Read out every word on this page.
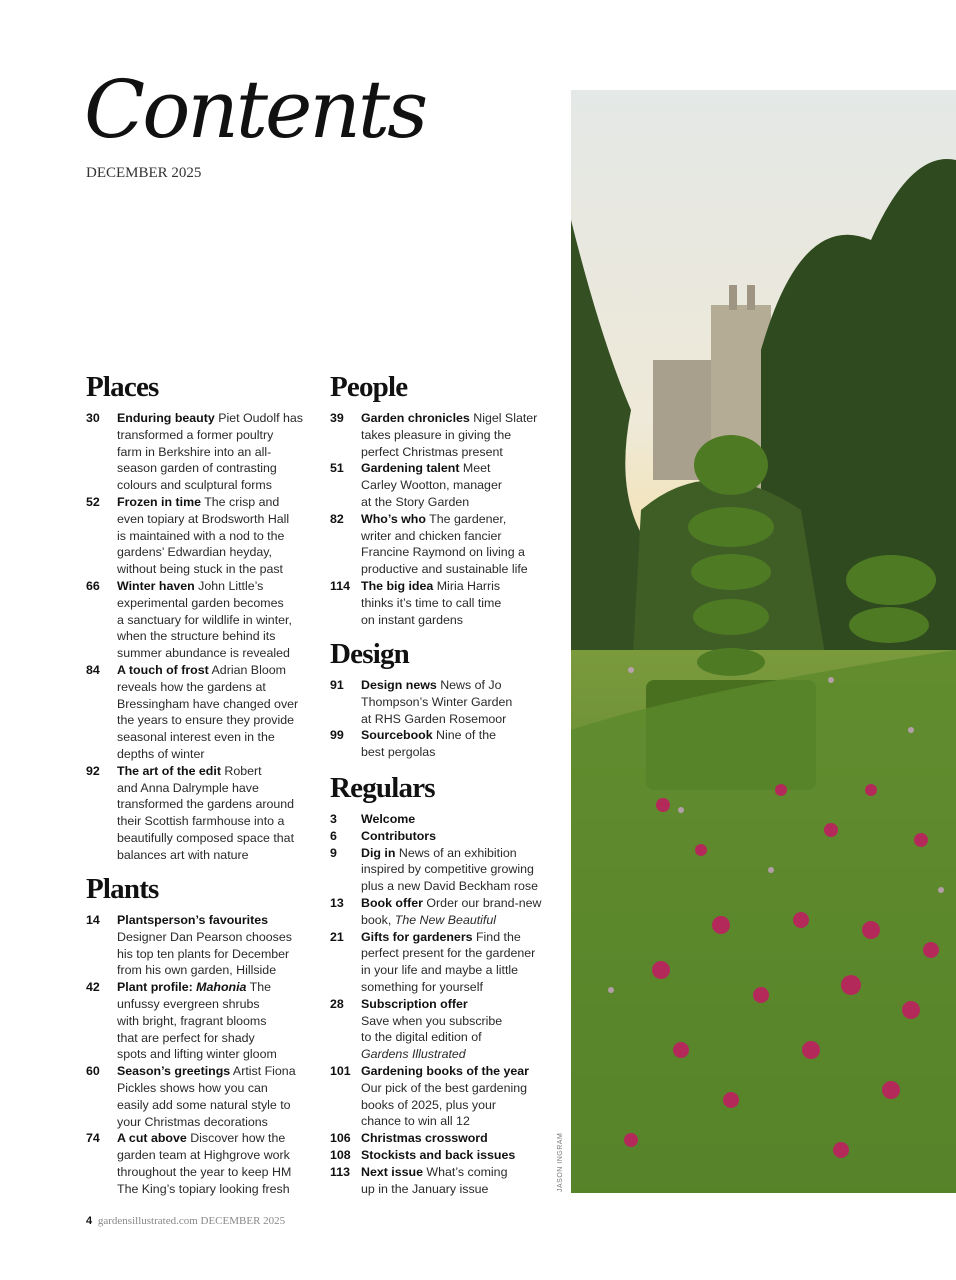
Contents
DECEMBER 2025
Places
30	Enduring beauty Piet Oudolf has
transformed a former poultry
farm in Berkshire into an all-
season garden of contrasting
colours and sculptural forms
52	Frozen in time The crisp and
even topiary at Brodsworth Hall
is maintained with a nod to the
gardens’ Edwardian heyday,
without being stuck in the past
66	Winter haven John Little’s
experimental garden becomes
a sanctuary for wildlife in winter,
when the structure behind its
summer abundance is revealed
84	A touch of frost Adrian Bloom
reveals how the gardens at
Bressingham have changed over
the years to ensure they provide
seasonal interest even in the
depths of winter
92	The art of the edit Robert
and Anna Dalrymple have
transformed the gardens around
their Scottish farmhouse into a
beautifully composed space that
balances art with nature
Plants
14	Plantsperson’s favourites
Designer Dan Pearson chooses
his top ten plants for December
from his own garden, Hillside
42	Plant profile: Mahonia The
unfussy evergreen shrubs
with bright, fragrant blooms
that are perfect for shady
spots and lifting winter gloom
60	Season’s greetings Artist Fiona
Pickles shows how you can
easily add some natural style to
your Christmas decorations
74	A cut above Discover how the
garden team at Highgrove work
throughout the year to keep HM
The King’s topiary looking fresh
People
39	Garden chronicles Nigel Slater
takes pleasure in giving the
perfect Christmas present
51	Gardening talent Meet
Carley Wootton, manager
at the Story Garden
82	Who’s who The gardener,
writer and chicken fancier
Francine Raymond on living a
productive and sustainable life
114 The big idea Miria Harris
thinks it’s time to call time
on instant gardens
Design
91	Design news News of Jo
Thompson’s Winter Garden
at RHS Garden Rosemoor
99	Sourcebook Nine of the
best pergolas
Regulars
3	Welcome
6	Contributors
9	Dig in News of an exhibition
inspired by competitive growing
plus a new David Beckham rose
13	Book offer Order our brand-new
book, The New Beautiful
21	Gifts for gardeners Find the
perfect present for the gardener
in your life and maybe a little
something for yourself
28	Subscription offer
Save when you subscribe
to the digital edition of
Gardens Illustrated
101 Gardening books of the year
Our pick of the best gardening
books of 2025, plus your
chance to win all 12
106 Christmas crossword
108 Stockists and back issues
113 Next issue What’s coming
up in the January issue	JASON INGRAM
4 gardensillustrated.com DECEMBER 2025
